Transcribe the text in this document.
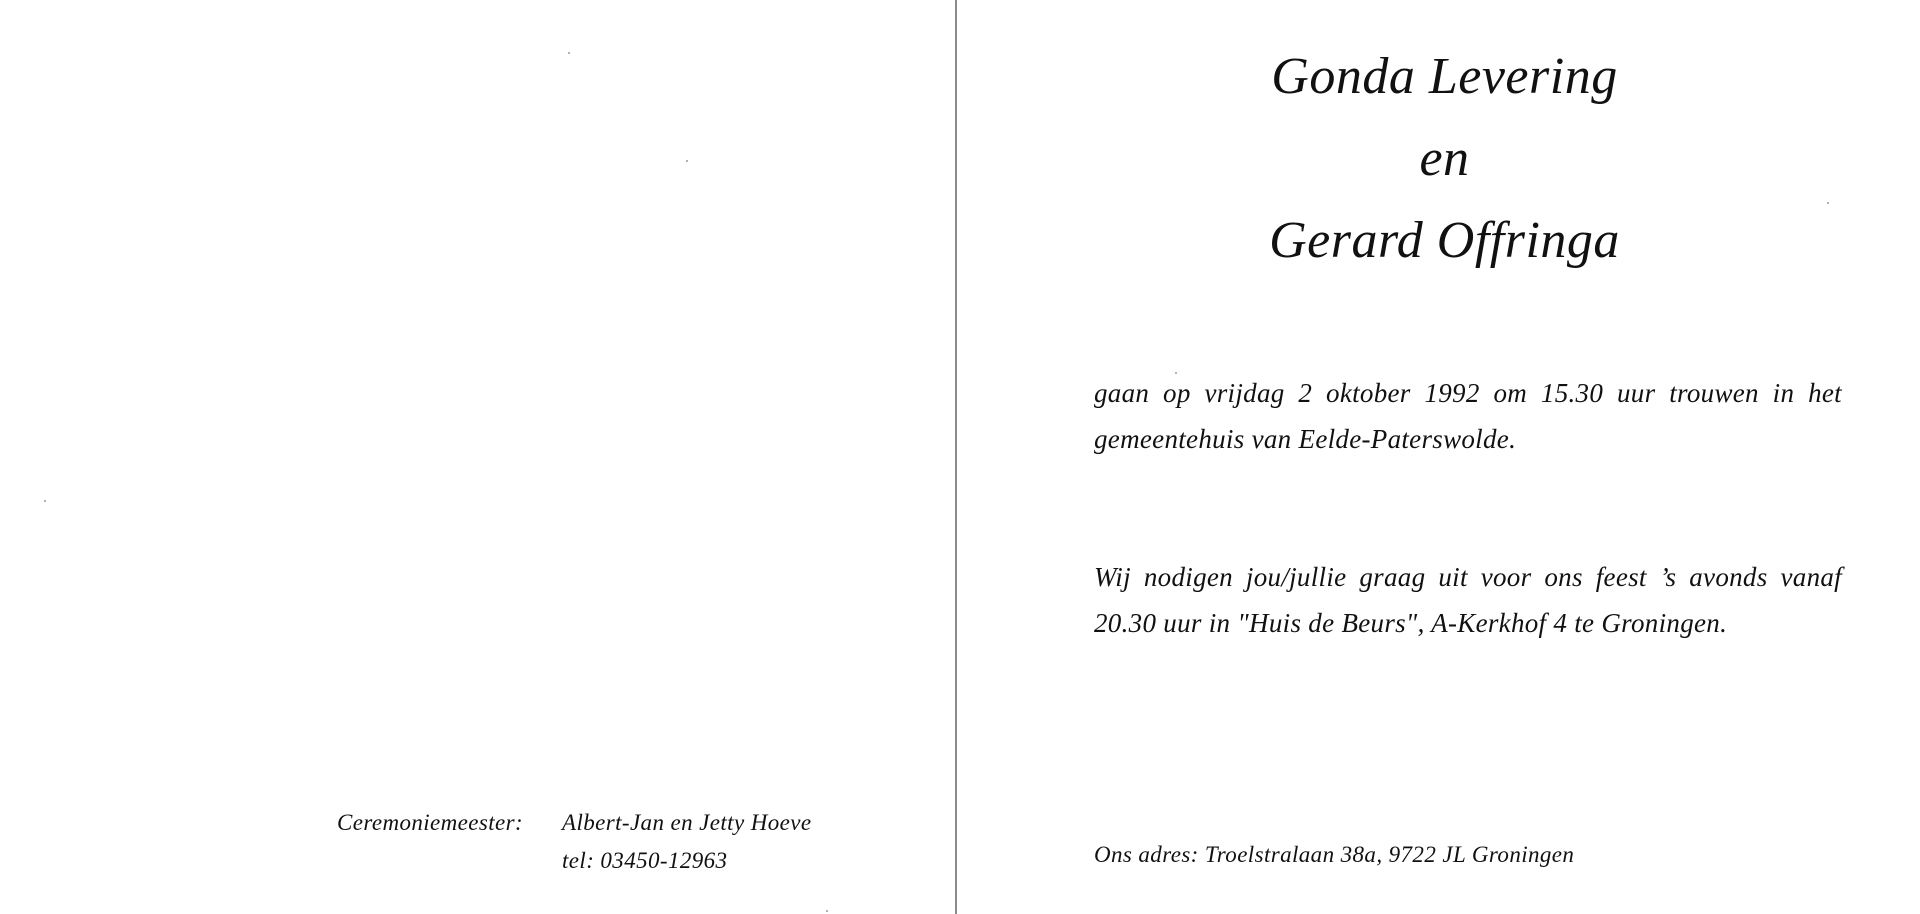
Ceremoniemeester: Albert-Jan en Jetty Hoeve
tel: 03450-12963
Gonda Levering
en
Gerard Offringa
gaan op vrijdag 2 oktober 1992 om 15.30 uur trouwen in het gemeentehuis van Eelde-Paterswolde.
Wij nodigen jou/jullie graag uit voor ons feest ’s avonds vanaf 20.30 uur in "Huis de Beurs", A-Kerkhof 4 te Groningen.
Ons adres: Troelstralaan 38a, 9722 JL Groningen
